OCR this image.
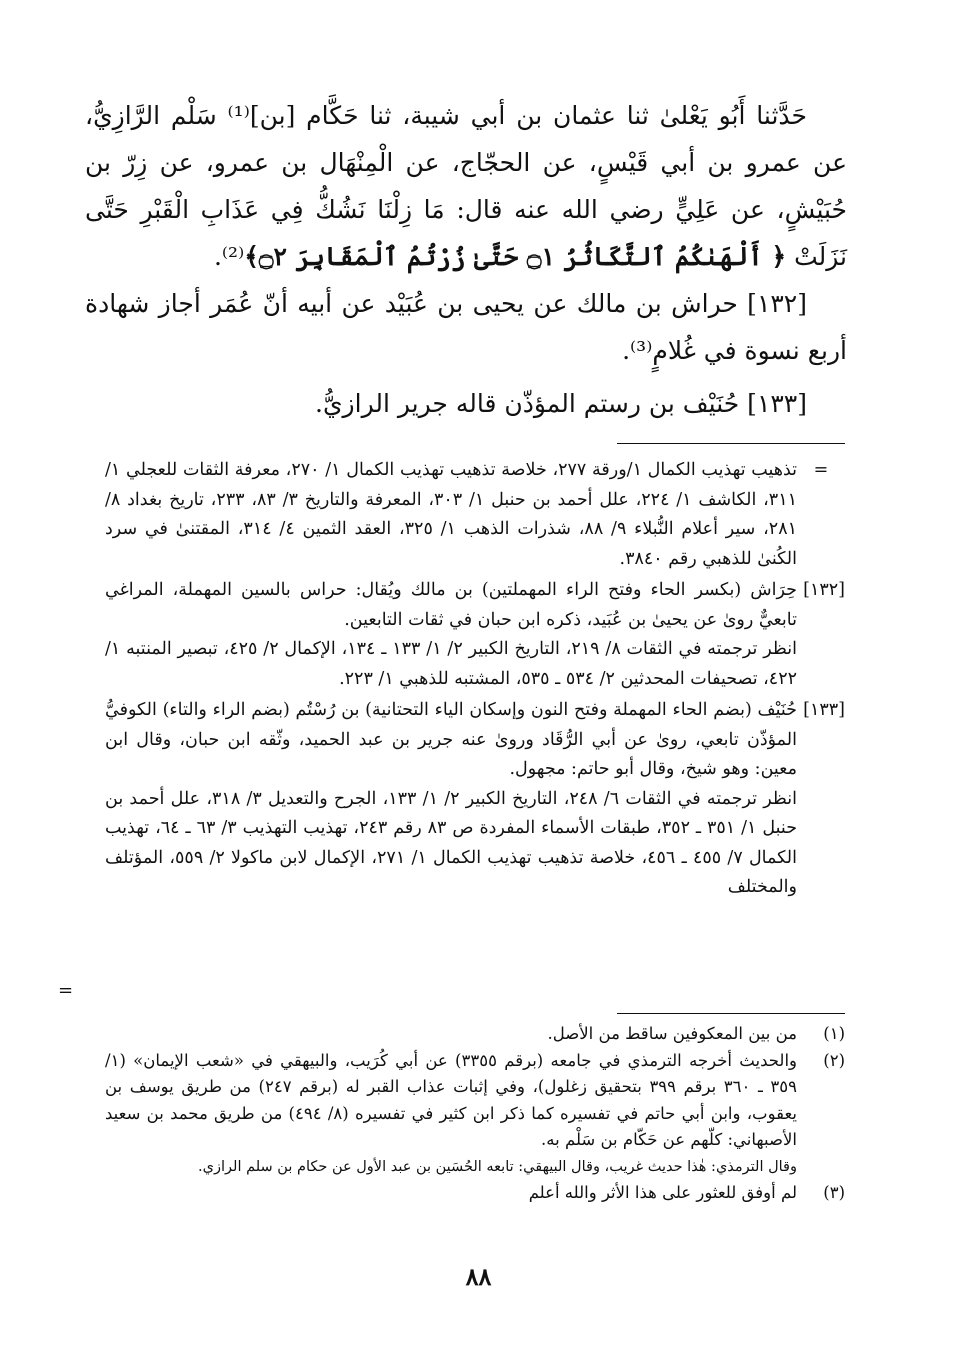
حَدَّثنا أَبُو يَعْلىٰ ثنا عثمان بن أبي شيبة، ثنا حَكَّام [بن]⁽¹⁾ سَلْم الرَّازِيُّ، عن عمرو بن أبي قَيْسٍ، عن الحجّاج، عن الْمِنْهَال بن عمرو، عن زِرّ بن حُبَيْشٍ، عن عَلِيٍّ رضي الله عنه قال: مَا زِلْنَا نَشُكُّ فِي عَذَابِ الْقَبْرِ حَتَّى نَزَلَتْ ﴿ أَلْهَىٰكُمُ ٱلتَّكَاثُرُ ۝١ حَتَّىٰ زُرْتُمُ ٱلْمَقَابِرَ ۝٢﴾⁽²⁾.

[١٣٢] حراش بن مالك عن يحيى بن عُبَيْد عن أبيه أنّ عُمَر أجاز شهادة أربع نسوة في غُلامٍ⁽³⁾.

[١٣٣] حُنَيْف بن رستم المؤذّن قاله جرير الرازيُّ.

=
تذهيب تهذيب الكمال ١/ورقة ٢٧٧، خلاصة تذهيب تهذيب الكمال ١/ ٢٧٠، معرفة الثقات للعجلي ١/ ٣١١، الكاشف ١/ ٢٢٤، علل أحمد بن حنبل ١/ ٣٠٣، المعرفة والتاريخ ٣/ ٨٣، ٢٣٣، تاريخ بغداد ٨/ ٢٨١، سير أعلام النُّبلاء ٩/ ٨٨، شذرات الذهب ١/ ٣٢٥، العقد الثمين ٤/ ٣١٤، المقتنىٰ في سرد الكُنىٰ للذهبي رقم ٣٨٤٠.
[١٣٢]

حِرَاش (بكسر الحاء وفتح الراء المهملتين) بن مالك ويُقال: حراس بالسين المهملة، المراغي تابعيٌّ روىٰ عن يحيىٰ بن عُبَيد، ذكره ابن حبان في ثقات التابعين.

انظر ترجمته في الثقات ٨/ ٢١٩، التاريخ الكبير ٢/ ١/ ١٣٣ ـ ١٣٤، الإكمال ٢/ ٤٢٥، تبصير المنتبه ١/ ٤٢٢، تصحيفات المحدثين ٢/ ٥٣٤ ـ ٥٣٥، المشتبه للذهبي ١/ ٢٢٣.

[١٣٣]

حُنَيْف (بضم الحاء المهملة وفتح النون وإسكان الياء التحتانية) بن رُسْتُم (بضم الراء والتاء) الكوفيُّ المؤذّن تابعي، روىٰ عن أبي الرُّقَاد وروىٰ عنه جرير بن عبد الحميد، وثّقه ابن حبان، وقال ابن معين: وهو شيخ، وقال أبو حاتم: مجهول.

انظر ترجمته في الثقات ٦/ ٢٤٨، التاريخ الكبير ٢/ ١/ ١٣٣، الجرح والتعديل ٣/ ٣١٨، علل أحمد بن حنبل ١/ ٣٥١ ـ ٣٥٢، طبقات الأسماء المفردة ص ٨٣ رقم ٢٤٣، تهذيب التهذيب ٣/ ٦٣ ـ ٦٤، تهذيب الكمال ٧/ ٤٥٥ ـ ٤٥٦، خلاصة تذهيب تهذيب الكمال ١/ ٢٧١، الإكمال لابن ماكولا ٢/ ٥٥٩، المؤتلف والمختلف

=
(١)
من بين المعكوفين ساقط من الأصل.
(٢)

والحديث أخرجه الترمذي في جامعه (برقم ٣٣٥٥) عن أبي كُرَيب، والبيهقي في «شعب الإيمان» (١/ ٣٥٩ ـ ٣٦٠ برقم ٣٩٩ بتحقيق زغلول)، وفي إثبات عذاب القبر له (برقم ٢٤٧) من طريق يوسف بن يعقوب، وابن أبي حاتم في تفسيره كما ذكر ابن كثير في تفسيره (٨/ ٤٩٤) من طريق محمد بن سعيد الأصبهاني: كلّهم عن حَكّام بن سَلْم به.

وقال الترمذي: هٰذا حديث غريب، وقال البيهقي: تابعه الحُسَين بن عبد الأول عن حكام بن سلم الرازي.

(٣)
لم أوفق للعثور على هذا الأثر والله أعلم
٨٨
